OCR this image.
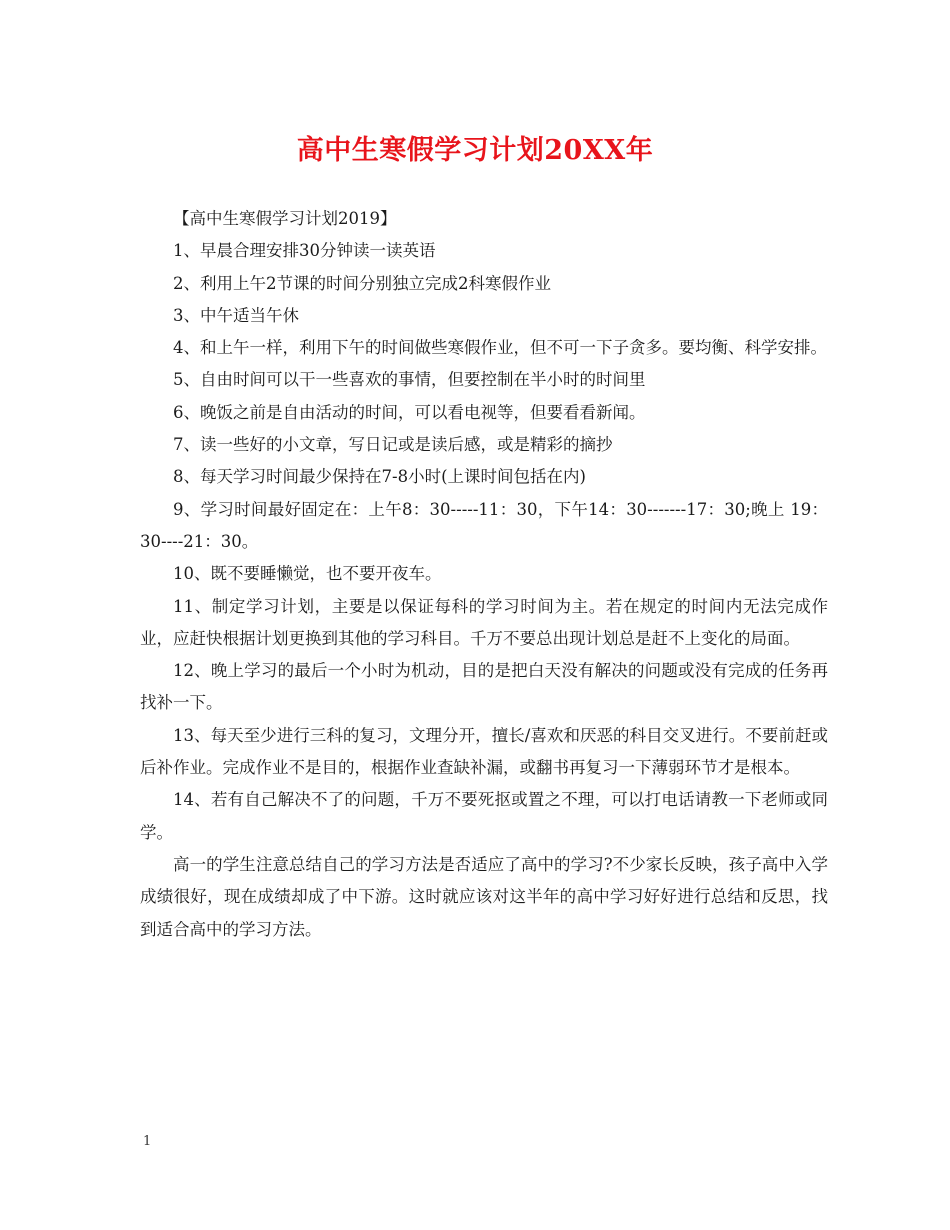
高中生寒假学习计划20XX年

【高中生寒假学习计划2019】

1、早晨合理安排30分钟读一读英语

2、利用上午2节课的时间分别独立完成2科寒假作业

3、中午适当午休

4、和上午一样，利用下午的时间做些寒假作业，但不可一下子贪多。要均衡、科学安排。

5、自由时间可以干一些喜欢的事情，但要控制在半小时的时间里

6、晚饭之前是自由活动的时间，可以看电视等，但要看看新闻。

7、读一些好的小文章，写日记或是读后感，或是精彩的摘抄

8、每天学习时间最少保持在7-8小时(上课时间包括在内)

9、学习时间最好固定在：上午8：30-----11：30，下午14：30-------17：30;晚上 19：30----21：30。

10、既不要睡懒觉，也不要开夜车。

11、制定学习计划，主要是以保证每科的学习时间为主。若在规定的时间内无法完成作业，应赶快根据计划更换到其他的学习科目。千万不要总出现计划总是赶不上变化的局面。

12、晚上学习的最后一个小时为机动，目的是把白天没有解决的问题或没有完成的任务再找补一下。

13、每天至少进行三科的复习，文理分开，擅长/喜欢和厌恶的科目交叉进行。不要前赶或后补作业。完成作业不是目的，根据作业查缺补漏，或翻书再复习一下薄弱环节才是根本。

14、若有自己解决不了的问题，千万不要死抠或置之不理，可以打电话请教一下老师或同学。

高一的学生注意总结自己的学习方法是否适应了高中的学习?不少家长反映，孩子高中入学成绩很好，现在成绩却成了中下游。这时就应该对这半年的高中学习好好进行总结和反思，找到适合高中的学习方法。

1
